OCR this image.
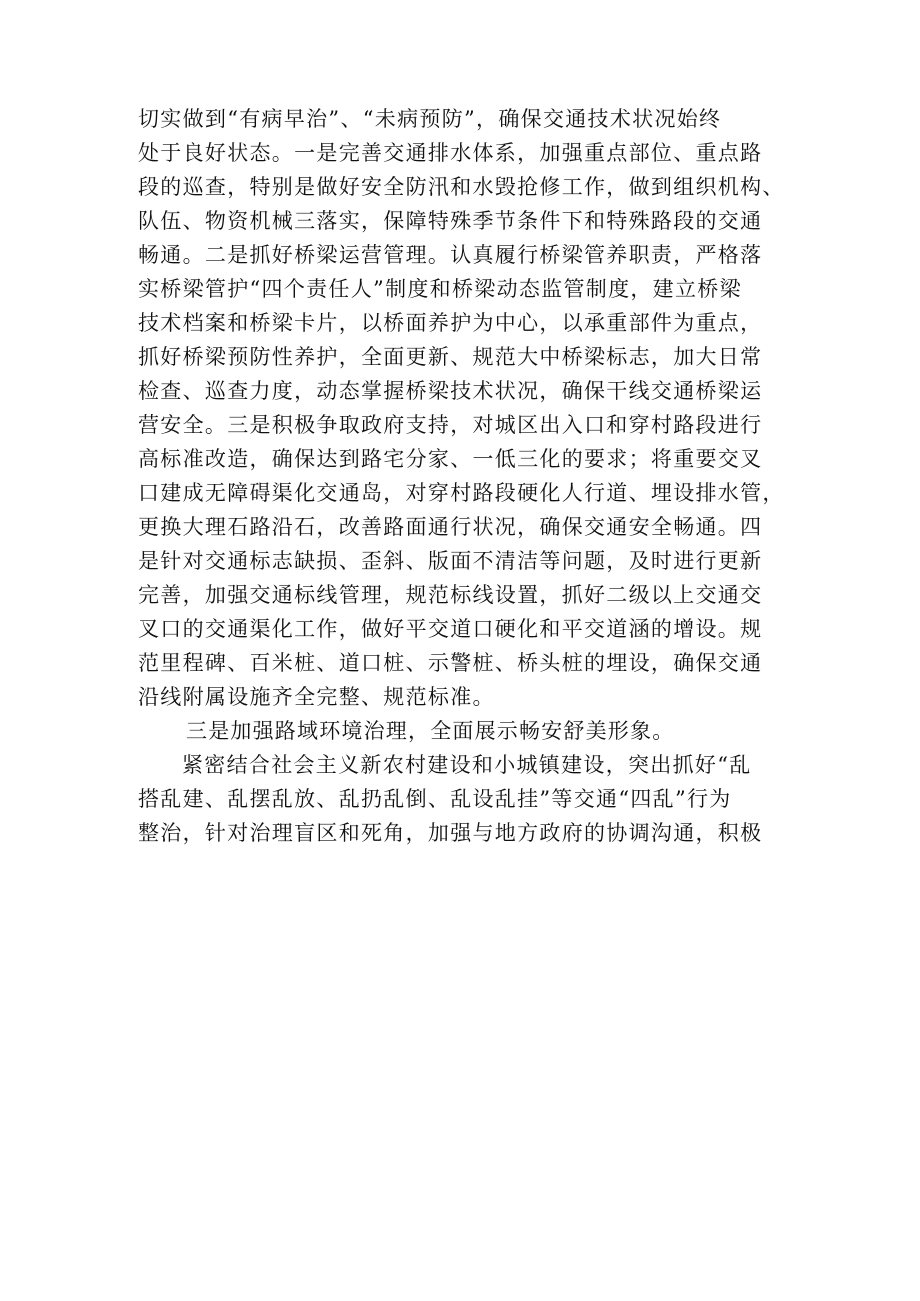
切实做到“有病早治”、“未病预防”，确保交通技术状况始终
处于良好状态。一是完善交通排水体系，加强重点部位、重点路
段的巡查，特别是做好安全防汛和水毁抢修工作，做到组织机构、
队伍、物资机械三落实，保障特殊季节条件下和特殊路段的交通
畅通。二是抓好桥梁运营管理。认真履行桥梁管养职责，严格落
实桥梁管护“四个责任人”制度和桥梁动态监管制度，建立桥梁
技术档案和桥梁卡片，以桥面养护为中心，以承重部件为重点，
抓好桥梁预防性养护，全面更新、规范大中桥梁标志，加大日常
检查、巡查力度，动态掌握桥梁技术状况，确保干线交通桥梁运
营安全。三是积极争取政府支持，对城区出入口和穿村路段进行
高标准改造，确保达到路宅分家、一低三化的要求；将重要交叉
口建成无障碍渠化交通岛，对穿村路段硬化人行道、埋设排水管，
更换大理石路沿石，改善路面通行状况，确保交通安全畅通。四
是针对交通标志缺损、歪斜、版面不清洁等问题，及时进行更新
完善，加强交通标线管理，规范标线设置，抓好二级以上交通交
叉口的交通渠化工作，做好平交道口硬化和平交道涵的增设。规
范里程碑、百米桩、道口桩、示警桩、桥头桩的埋设，确保交通
沿线附属设施齐全完整、规范标准。
三是加强路域环境治理，全面展示畅安舒美形象。
紧密结合社会主义新农村建设和小城镇建设，突出抓好“乱
搭乱建、乱摆乱放、乱扔乱倒、乱设乱挂”等交通“四乱”行为
整治，针对治理盲区和死角，加强与地方政府的协调沟通，积极
